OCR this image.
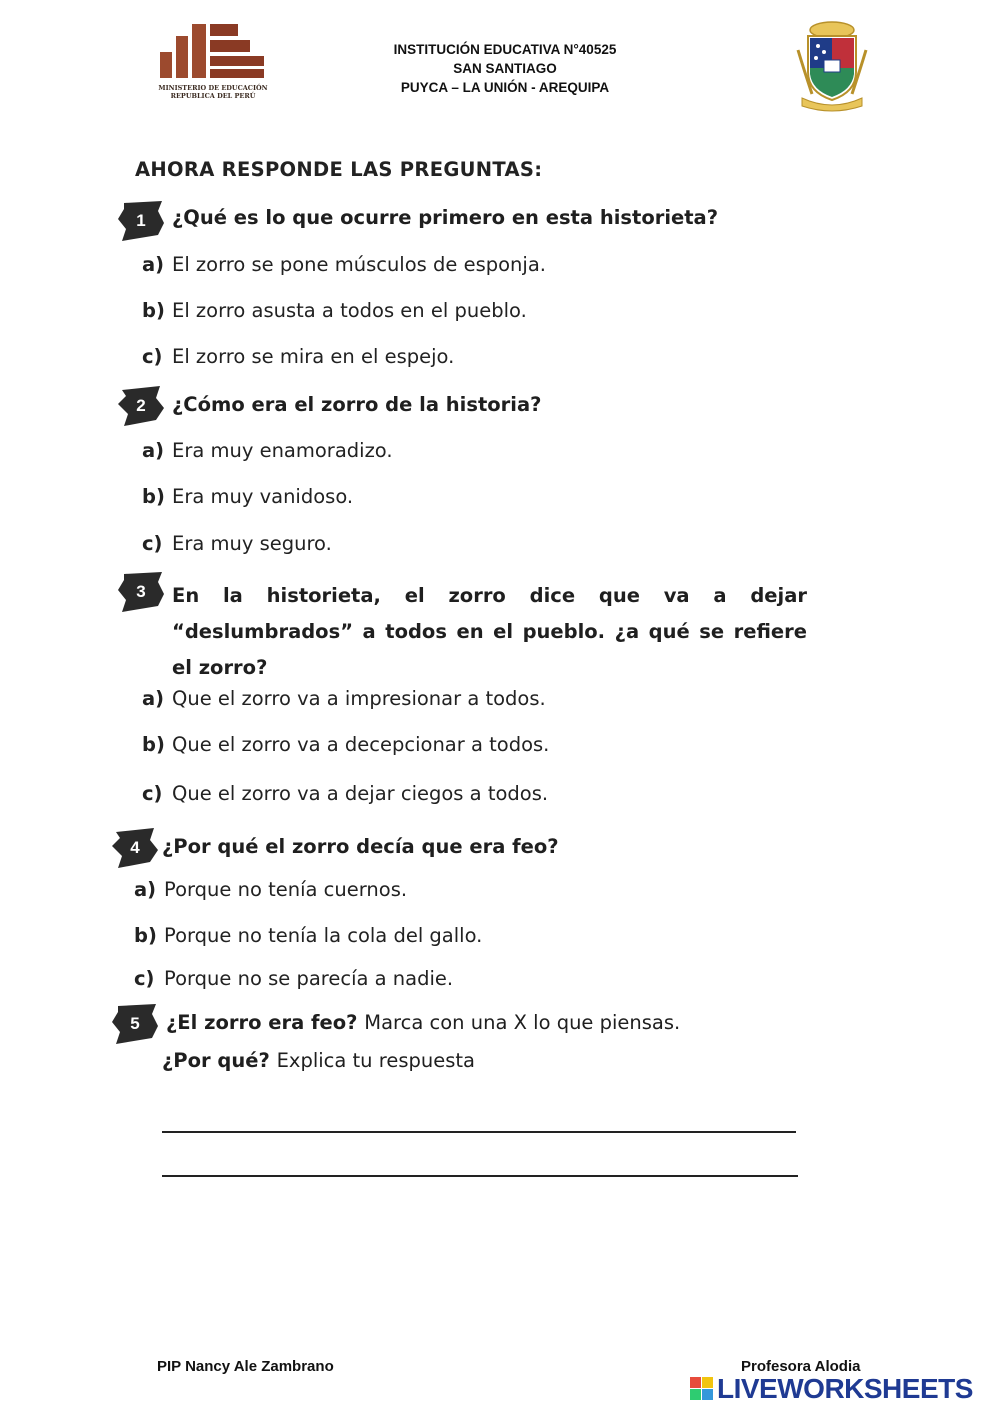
MINISTERIO DE EDUCACIÓN
REPUBLICA DEL PERÚ
INSTITUCIÓN EDUCATIVA N°40525
SAN SANTIAGO
PUYCA – LA UNIÓN - AREQUIPA
AHORA RESPONDE LAS PREGUNTAS:
1	¿Qué es lo que ocurre primero en esta historieta?
a) El zorro se pone músculos de esponja.
b) El zorro asusta a todos en el pueblo.
c) El zorro se mira en el espejo.
2	¿Cómo era el zorro de la historia?
a) Era muy enamoradizo.
b) Era muy vanidoso.
c) Era muy seguro.
3	En la historieta, el zorro dice que va a dejar “deslumbrados” a todos en el pueblo. ¿a qué se refiere el zorro?
a) Que el zorro va a impresionar a todos.
b) Que el zorro va a decepcionar a todos.
c) Que el zorro va a dejar ciegos a todos.
4	¿Por qué el zorro decía que era feo?
a) Porque no tenía cuernos.
b) Porque no tenía la cola del gallo.
c) Porque no se parecía a nadie.
5	¿El zorro era feo? Marca con una X lo que piensas.
¿Por qué? Explica tu respuesta
PIP Nancy Ale Zambrano	Profesora Alodia
LIVEWORKSHEETS
